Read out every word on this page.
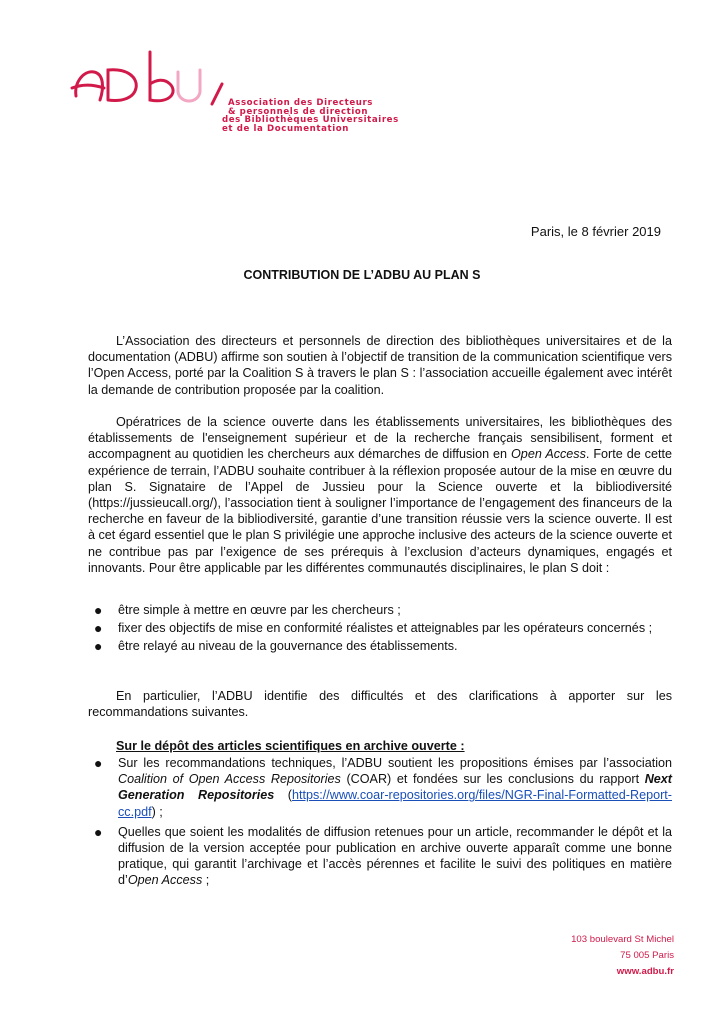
Association des Directeurs
& personnels de direction
des Bibliothèques Universitaires
et de la Documentation
Paris, le 8 février 2019
CONTRIBUTION DE L’ADBU AU PLAN S
L’Association des directeurs et personnels de direction des bibliothèques universitaires et de la documentation (ADBU) affirme son soutien à l’objectif de transition de la communication scientifique vers l’Open Access, porté par la Coalition S à travers le plan S : l’association accueille également avec intérêt la demande de contribution proposée par la coalition.
Opératrices de la science ouverte dans les établissements universitaires, les bibliothèques des établissements de l'enseignement supérieur et de la recherche français sensibilisent, forment et accompagnent au quotidien les chercheurs aux démarches de diffusion en Open Access. Forte de cette expérience de terrain, l’ADBU souhaite contribuer à la réflexion proposée autour de la mise en œuvre du plan S. Signataire de l’Appel de Jussieu pour la Science ouverte et la bibliodiversité (https://jussieucall.org/), l’association tient à souligner l’importance de l’engagement des financeurs de la recherche en faveur de la bibliodiversité, garantie d’une transition réussie vers la science ouverte. Il est à cet égard essentiel que le plan S privilégie une approche inclusive des acteurs de la science ouverte et ne contribue pas par l’exigence de ses prérequis à l’exclusion d’acteurs dynamiques, engagés et innovants. Pour être applicable par les différentes communautés disciplinaires, le plan S doit :
● être simple à mettre en œuvre par les chercheurs ;
● fixer des objectifs de mise en conformité réalistes et atteignables par les opérateurs concernés ;
● être relayé au niveau de la gouvernance des établissements.
En particulier, l’ADBU identifie des difficultés et des clarifications à apporter sur les recommandations suivantes.
Sur le dépôt des articles scientifiques en archive ouverte :
● Sur les recommandations techniques, l’ADBU soutient les propositions émises par l’association Coalition of Open Access Repositories (COAR) et fondées sur les conclusions du rapport Next Generation Repositories (https://www.coar-repositories.org/files/NGR-Final-Formatted-Report-cc.pdf) ;
● Quelles que soient les modalités de diffusion retenues pour un article, recommander le dépôt et la diffusion de la version acceptée pour publication en archive ouverte apparaît comme une bonne pratique, qui garantit l’archivage et l’accès pérennes et facilite le suivi des politiques en matière d’Open Access ;
103 boulevard St Michel
75 005 Paris
www.adbu.fr
